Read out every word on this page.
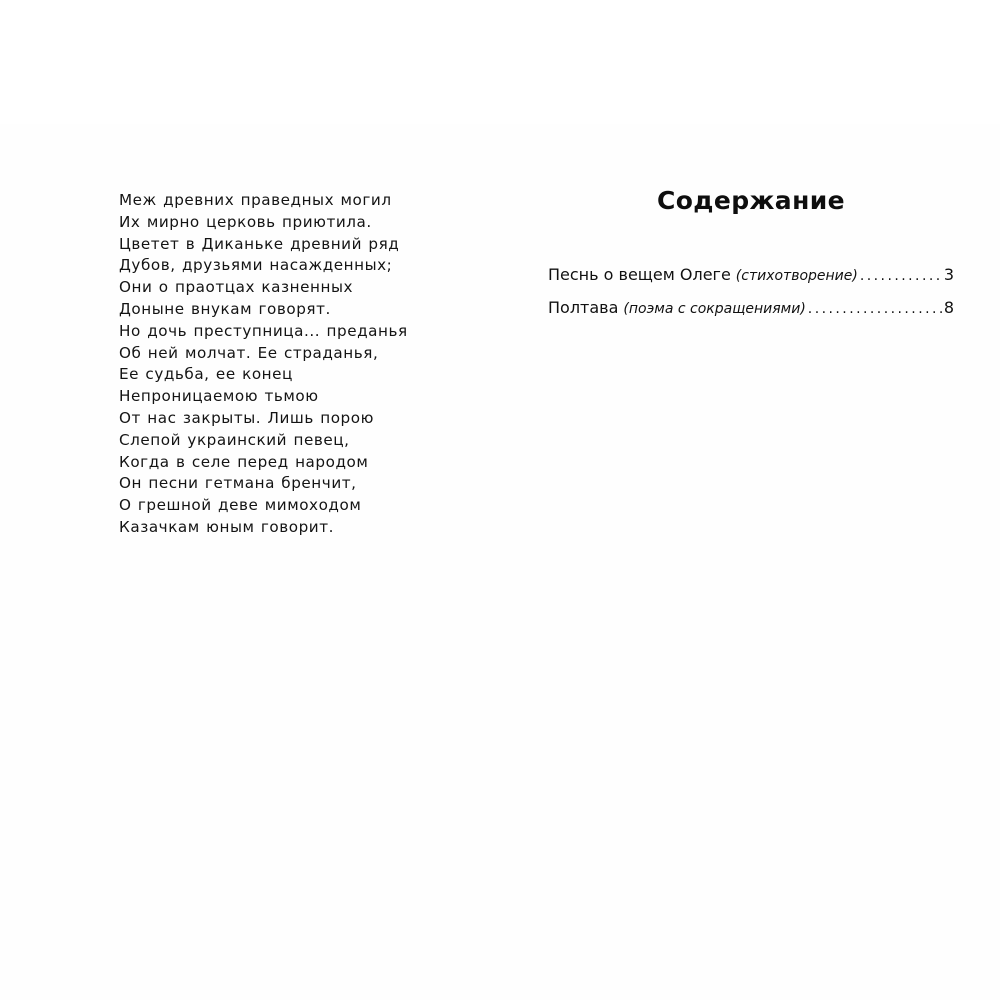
Меж древних праведных могил
Их мирно церковь приютила.
Цветет в Диканьке древний ряд
Дубов, друзьями насажденных;
Они о праотцах казненных
Доныне внукам говорят.
Но дочь преступница... преданья
Об ней молчат. Ее страданья,
Ее судьба, ее конец
Непроницаемою тьмою
От нас закрыты. Лишь порою
Слепой украинский певец,
Когда в селе перед народом
Он песни гетмана бренчит,
О грешной деве мимоходом
Казачкам юным говорит.
Содержание
Песнь о вещем Олеге (стихотворение) . . .	3
Полтава (поэма с сокращениями) . . .	8
